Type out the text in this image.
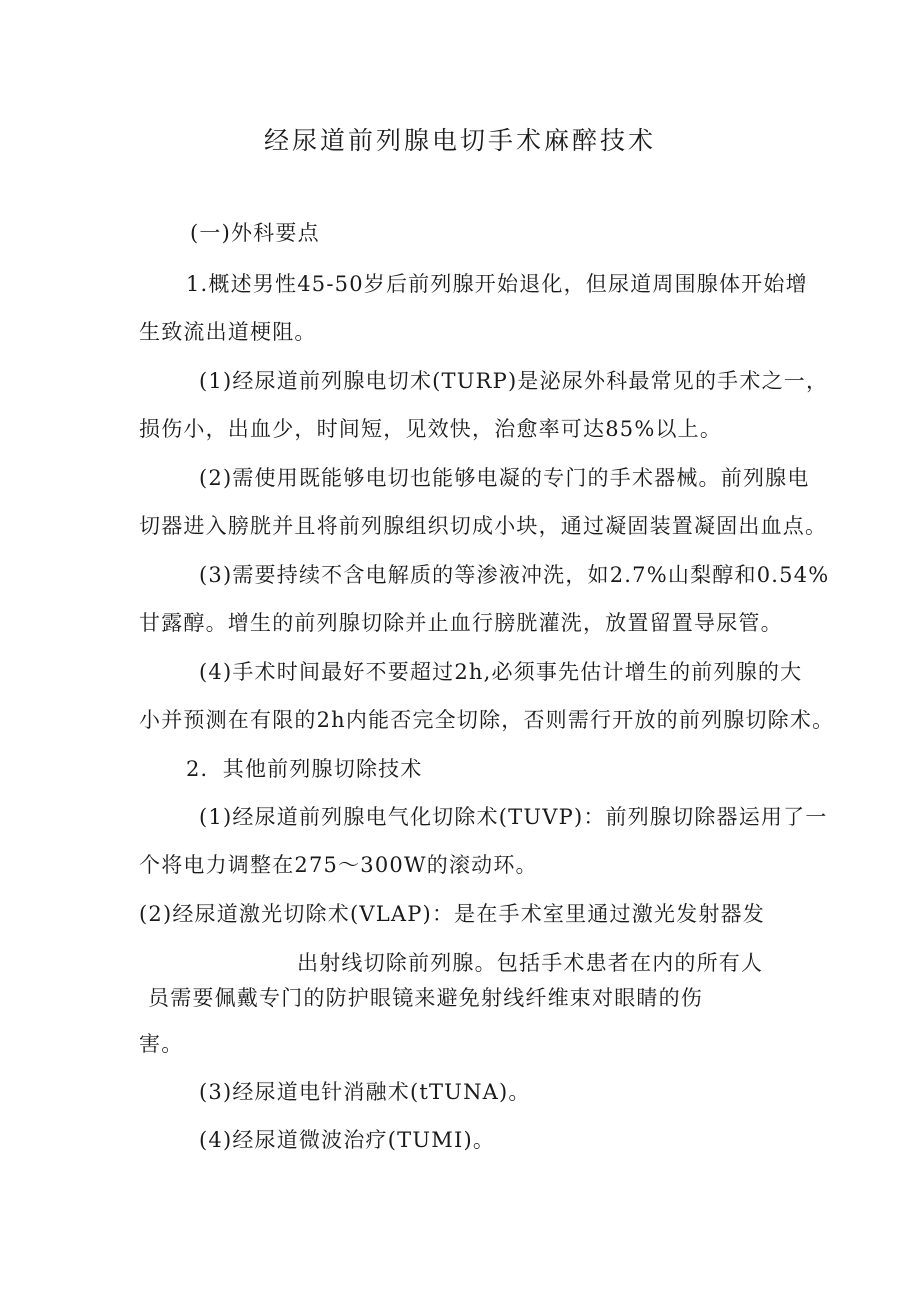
经尿道前列腺电切手术麻醉技术
(一)外科要点
1.概述男性45-50岁后前列腺开始退化，但尿道周围腺体开始增
生致流出道梗阻。
(1)经尿道前列腺电切术(TURP)是泌尿外科最常见的手术之一，
损伤小，出血少，时间短，见效快，治愈率可达85%以上。
(2)需使用既能够电切也能够电凝的专门的手术器械。前列腺电
切器进入膀胱并且将前列腺组织切成小块，通过凝固装置凝固出血点。
(3)需要持续不含电解质的等渗液冲洗，如2.7%山梨醇和0.54%
甘露醇。增生的前列腺切除并止血行膀胱灌洗，放置留置导尿管。
(4)手术时间最好不要超过2h,必须事先估计增生的前列腺的大
小并预测在有限的2h内能否完全切除，否则需行开放的前列腺切除术。
2．其他前列腺切除技术
(1)经尿道前列腺电气化切除术(TUVP)：前列腺切除器运用了一
个将电力调整在275～300W的滚动环。
(2)经尿道激光切除术(VLAP)：是在手术室里通过激光发射器发
出射线切除前列腺。包括手术患者在内的所有人
员需要佩戴专门的防护眼镜来避免射线纤维束对眼睛的伤
害。
(3)经尿道电针消融术(tTUNA)。
(4)经尿道微波治疗(TUMI)。
